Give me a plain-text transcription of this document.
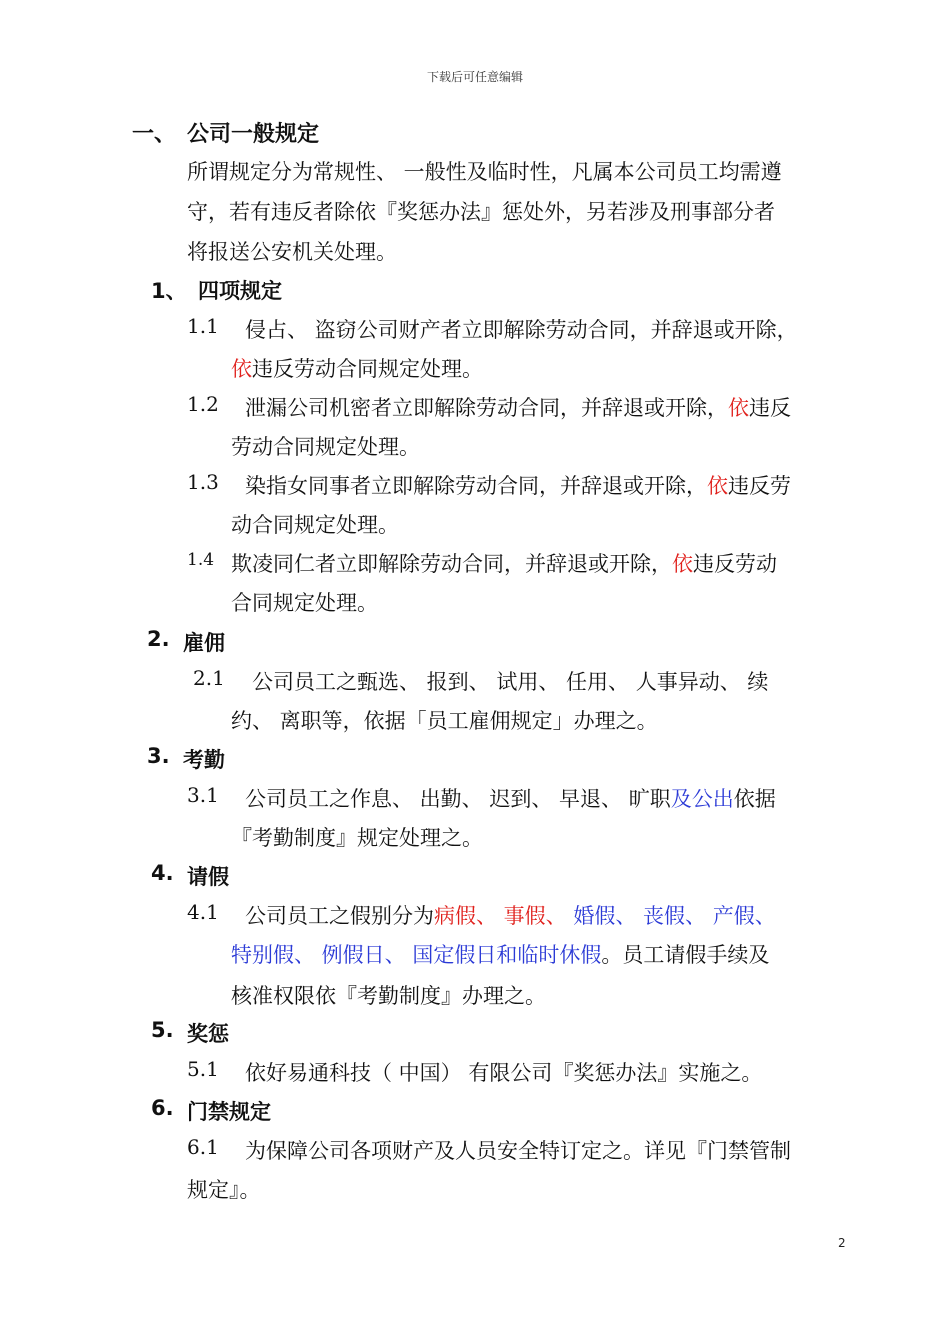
下载后可任意编辑
一、 公司一般规定
所谓规定分为常规性、 一般性及临时性，凡属本公司员工均需遵
守，若有违反者除依『奖惩办法』惩处外，另若涉及刑事部分者
将报送公安机关处理。
1、 四项规定
1.1 侵占、 盗窃公司财产者立即解除劳动合同，并辞退或开除，
依违反劳动合同规定处理。
1.2 泄漏公司机密者立即解除劳动合同，并辞退或开除，依违反
劳动合同规定处理。
1.3 染指女同事者立即解除劳动合同，并辞退或开除，依违反劳
动合同规定处理。
1.4 欺凌同仁者立即解除劳动合同，并辞退或开除，依违反劳动
合同规定处理。
2. 雇佣
2.1 公司员工之甄选、 报到、 试用、 任用、 人事异动、 续
约、 离职等，依据「员工雇佣规定」办理之。
3. 考勤
3.1 公司员工之作息、 出勤、 迟到、 早退、 旷职及公出依据
『考勤制度』规定处理之。
4. 请假
4.1 公司员工之假别分为病假、 事假、 婚假、 丧假、 产假、
特别假、 例假日、 国定假日和临时休假。员工请假手续及
核准权限依『考勤制度』办理之。
5. 奖惩
5.1 依好易通科技（ 中国） 有限公司『奖惩办法』实施之。
6. 门禁规定
6.1 为保障公司各项财产及人员安全特订定之。详见『门禁管制
规定』。
2
